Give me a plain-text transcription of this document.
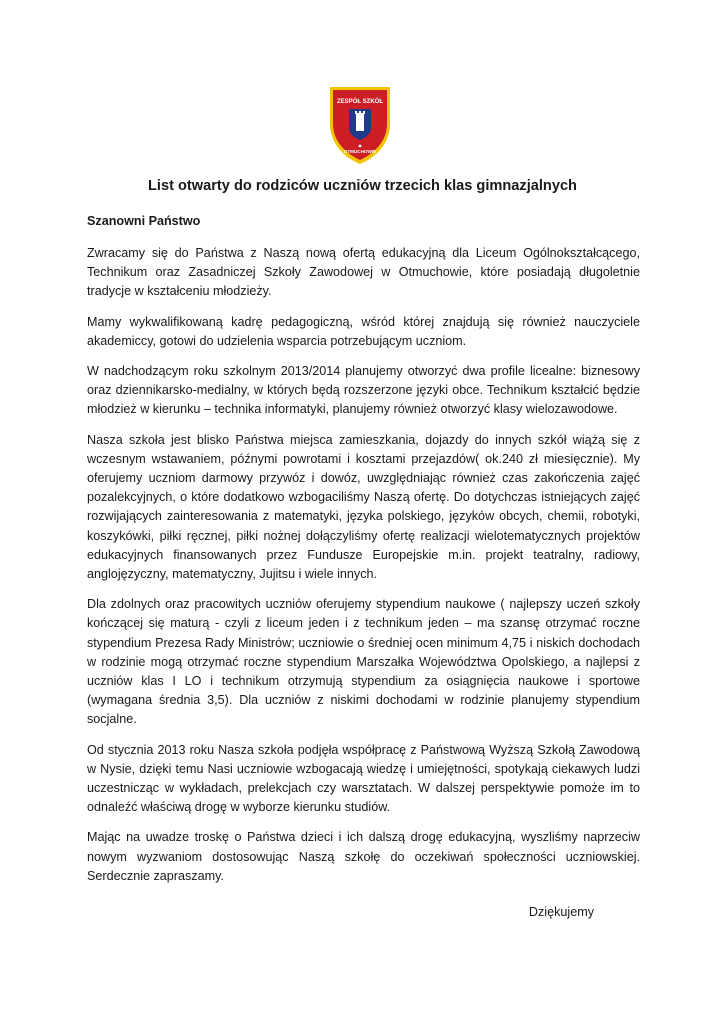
ZESPÓŁ SZKÓŁ
OTMUCHOWIE
List otwarty do rodziców uczniów trzecich klas gimnazjalnych

Szanowni Państwo

Zwracamy się do Państwa z Naszą nową ofertą edukacyjną dla Liceum Ogólnokształcącego, Technikum oraz Zasadniczej Szkoły Zawodowej w Otmuchowie, które posiadają długoletnie tradycje w kształceniu młodzieży.

Mamy wykwalifikowaną kadrę pedagogiczną, wśród której znajdują się również nauczyciele akademiccy, gotowi do udzielenia wsparcia potrzebującym uczniom.

W nadchodzącym roku szkolnym 2013/2014 planujemy otworzyć dwa profile licealne: biznesowy oraz dziennikarsko-medialny, w których będą rozszerzone języki obce. Technikum kształcić będzie młodzież w kierunku – technika informatyki, planujemy również otworzyć klasy wielozawodowe.

Nasza szkoła jest blisko Państwa miejsca zamieszkania, dojazdy do innych szkół wiążą się z wczesnym wstawaniem, późnymi powrotami i kosztami przejazdów( ok.240 zł miesięcznie). My oferujemy uczniom darmowy przywóz i dowóz, uwzględniając również czas zakończenia zajęć pozalekcyjnych, o które dodatkowo wzbogaciliśmy Naszą ofertę. Do dotychczas istniejących zajęć rozwijających zainteresowania z matematyki, języka polskiego, języków obcych, chemii, robotyki, koszykówki, piłki ręcznej, piłki nożnej dołączyliśmy ofertę realizacji wielotematycznych projektów edukacyjnych finansowanych przez Fundusze Europejskie m.in. projekt teatralny, radiowy, anglojęzyczny, matematyczny, Jujitsu i wiele innych.

Dla zdolnych oraz pracowitych uczniów oferujemy stypendium naukowe ( najlepszy uczeń szkoły kończącej się maturą - czyli z liceum jeden i z technikum jeden – ma szansę otrzymać roczne stypendium Prezesa Rady Ministrów; uczniowie o średniej ocen minimum 4,75 i niskich dochodach w rodzinie mogą otrzymać roczne stypendium Marszałka Województwa Opolskiego, a najlepsi z uczniów klas I LO i technikum otrzymują stypendium za osiągnięcia naukowe i sportowe (wymagana średnia 3,5). Dla uczniów z niskimi dochodami w rodzinie planujemy stypendium socjalne.

Od stycznia 2013 roku Nasza szkoła podjęła współpracę z Państwową Wyższą Szkołą Zawodową w Nysie, dzięki temu Nasi uczniowie wzbogacają wiedzę i umiejętności, spotykają ciekawych ludzi uczestnicząc w wykładach, prelekcjach czy warsztatach. W dalszej perspektywie pomoże im to odnaleźć właściwą drogę w wyborze kierunku studiów.

Mając na uwadze troskę o Państwa dzieci i ich dalszą drogę edukacyjną, wyszliśmy naprzeciw nowym wyzwaniom dostosowując Naszą szkołę do oczekiwań społeczności uczniowskiej. Serdecznie zapraszamy.

Dziękujemy
